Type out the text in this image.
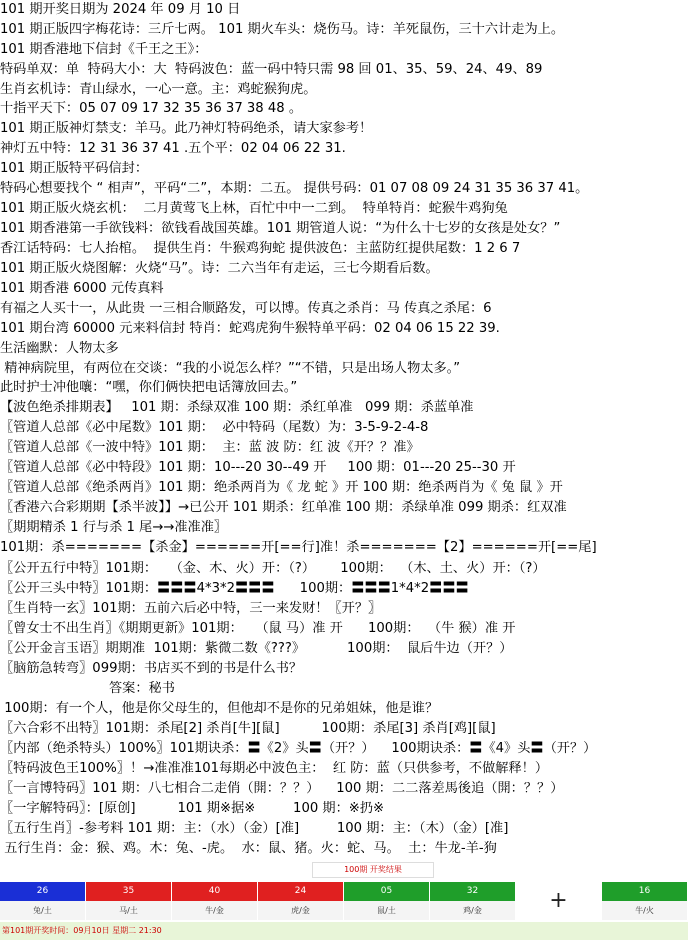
101 期开奖日期为 2024 年 09 月 10 日
101 期正版四字梅花诗：三斤七两。 101 期火车头：烧伤马。诗：羊死鼠伤，三十六计走为上。
101 期香港地下信封《千王之王》：
特码单双：单  特码大小：大  特码波色：蓝一码中特只需 98 回 01、35、59、24、49、89
生肖玄机诗：青山绿水，一心一意。主：鸡蛇猴狗虎。
十指平天下：05 07 09 17 32 35 36 37 38 48 。
101 期正版神灯禁支：羊马。此乃神灯特码绝杀，请大家参考！
神灯五中特：12 31 36 37 41 .五个平：02 04 06 22 31.
101 期正版特平码信封：
特码心想要找个 “ 相声”，平码“二”，本期：二五。 提供号码：01 07 08 09 24 31 35 36 37 41。
101 期正版火烧玄机：  二月黄莺飞上林，百忙中中一二到。  特单特肖：蛇猴牛鸡狗兔
101 期香港第一手欲钱料：欲钱看战国英雄。101 期管道人说：“为什么十七岁的女孩是处女？”
香江话特码：七人抬棺。  提供生肖：牛猴鸡狗蛇 提供波色：主蓝防红提供尾数：1 2 6 7
101 期正版火烧图解：火烧“马”。诗：二六当年有走运，三七今期看后数。
101 期香港 6000 元传真料
有福之人买十一，从此贵 一三相合顺路发，可以博。传真之杀肖：马 传真之杀尾：6
101 期台湾 60000 元来料信封 特肖：蛇鸡虎狗牛猴特单平码：02 04 06 15 22 39.
生活幽默：人物太多
精神病院里，有两位在交谈：“我的小说怎么样？”“不错，只是出场人物太多。”
此时护士冲他嚷：“嘿，你们俩快把电话簿放回去。”
【波色绝杀排期表】   101 期：杀绿双准 100 期：杀红单准   099 期：杀蓝单准
〖管道人总部《必中尾数》101 期：  必中特码（尾数）为：3-5-9-2-4-8
〖管道人总部《一波中特》101 期：  主：蓝 波 防：红 波《开？？准》
〖管道人总部《必中特段》101 期：10---20 30--49 开     100 期：01---20 25--30 开
〖管道人总部《绝杀两肖》101 期：绝杀两肖为《 龙 蛇 》开 100 期：绝杀两肖为《 兔 鼠 》开
〖香港六合彩期期【杀半波】】→已公开 101 期杀：红单准 100 期：杀绿单准 099 期杀：红双准
〖期期精杀 1 行与杀 1 尾→→准准准〗
101期：杀=======【杀金】======开[==行]准！杀=======【2】======开[==尾]
〖公开五行中特〗101期：   （金、木、火）开：（?）      100期：  （木、土、火）开：（?）
〖公开三头中特〗101期：〓〓〓4*3*2〓〓〓      100期：〓〓〓1*4*2〓〓〓
〖生肖特一玄〗101期：五前六后必中特，三一来发财！〖开？〗
〖曾女士不出生肖〗《期期更新》101期：   （鼠 马）准 开      100期：  （牛 猴）准 开
〖公开金言玉语〗期期准  101期：紫微二数《???》          100期：  鼠后牛边（开？）
〖脑筋急转弯〗099期：书店买不到的书是什么书？
答案：秘书
100期：有一个人，他是你父母生的，但他却不是你的兄弟姐妹，他是谁？
〖六合彩不出特〗101期：杀尾[2] 杀肖[牛][鼠]          100期：杀尾[3] 杀肖[鸡][鼠]
〖内部（绝杀特头）100%〗101期诀杀：〓《2》头〓（开？）    100期诀杀：〓《4》头〓（开？）
〖特码波色王100%〗！→准准准101每期必中波色主：  红 防：蓝（只供参考，不做解释！）
〖一言博特码〗101 期：八七相合二走俏（開：？？）    100 期：二二落差馬後追（開：？？）
〖一字解特码〗：[原创]          101 期※据※         100 期：※扔※
〖五行生肖〗-参考料 101 期：主：（水）（金）[准]         100 期：主：（木）（金）[准]
五行生肖：金：猴、鸡。木：兔、-虎。  水：鼠、猪。火：蛇、马。  土：牛龙-羊-狗
100期 开奖结果
26
兔/土
35
马/土
40
牛/金
24
虎/金
05
鼠/土
32
鸡/金	+	16
牛/火
第101期开奖时间：09月10日 星期二 21:30
